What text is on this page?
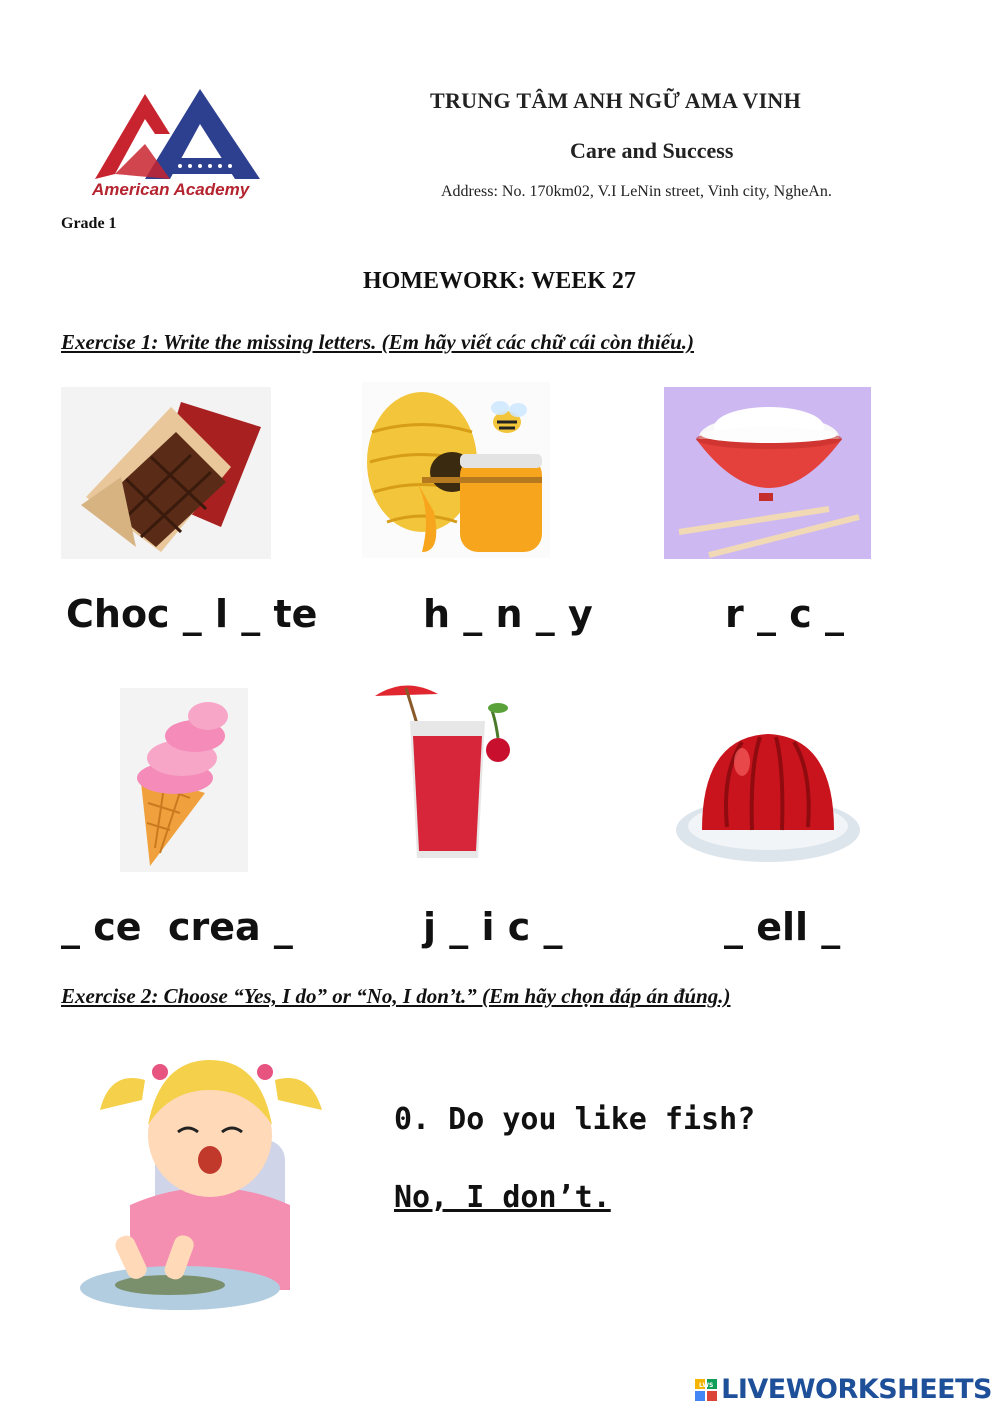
American Academy
Grade 1
TRUNG TÂM ANH NGỮ AMA VINH
Care and Success
Address: No. 170km02, V.I LeNin street, Vinh city, NgheAn.
HOMEWORK: WEEK 27
Exercise 1: Write the missing letters. (Em hãy viết các chữ cái còn thiếu.)
Choc _ l _ te	h _ n _ y	r _ c _
_ ce  crea _	j _ i c _	_ ell _
Exercise 2: Choose “Yes, I do” or “No, I don’t.” (Em hãy chọn đáp án đúng.)
0. Do you like fish?
No, I don’t.
LWS LIVEWORKSHEETS
